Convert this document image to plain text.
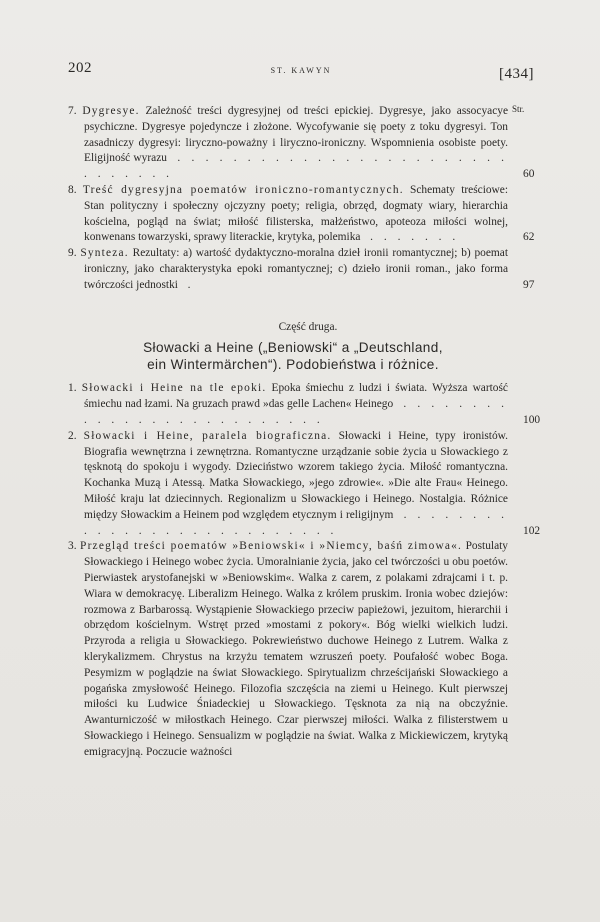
202	ST. KAWYN	[434]
Str.

7. Dygresye. Zależność treści dygresyjnej od treści epickiej. Dygresye, jako assocyacye psychiczne. Dygresye pojedyncze i złożone. Wycofywanie się poety z toku dygresyi. Ton zasadniczy dygresyi: liryczno-poważny i liryczno-ironiczny. Wspomnienia osobiste poety. Eligijność wyrazu  . . . . . . . . . . . . . . . . . . . . . . . . . . . . . . .	60

8. Treść dygresyjna poematów ironiczno-romantycznych. Schematy treściowe: Stan polityczny i społeczny ojczyzny poety; religia, obrzęd, dogmaty wiary, hierarchia kościelna, pogląd na świat; miłość filisterska, małżeństwo, apoteoza miłości wolnej, konwenans towarzyski, sprawy literackie, krytyka, polemika  . . . . . . .	62

9. Synteza. Rezultaty: a) wartość dydaktyczno-moralna dzieł ironii romantycznej; b) poemat ironiczny, jako charakterystyka epoki romantycznej; c) dzieło ironii roman., jako forma twórczości jednostki  .	97

Część druga.
Słowacki a Heine („Beniowski“ a „Deutschland,
ein Wintermärchen“). Podobieństwa i różnice.

1. Słowacki i Heine na tle epoki. Epoka śmiechu z ludzi i świata. Wyższa wartość śmiechu nad łzami. Na gruzach prawd »das gelle Lachen« Heinego  . . . . . . . . . . . . . . . . . . . . . . . . . .	100

2. Słowacki i Heine, paralela biograficzna. Słowacki i Heine, typy ironistów. Biografia wewnętrzna i zewnętrzna. Romantyczne urządzanie sobie życia u Słowackiego z tęsknotą do spokoju i wygody. Dzieciństwo wzorem takiego życia. Miłość romantyczna. Kochanka Muzą i Atessą. Matka Słowackiego, »jego zdrowie«. »Die alte Frau« Heinego. Miłość kraju lat dziecinnych. Regionalizm u Słowackiego i Heinego. Nostalgia. Różnice między Słowackim a Heinem pod względem etycznym i religijnym  . . . . . . . . . . . . . . . . . . . . . . . . . . .	102

3. Przegląd treści poematów »Beniowski« i »Niemcy, baśń zimowa«. Postulaty Słowackiego i Heinego wobec życia. Umoralnianie życia, jako cel twórczości u obu poetów. Pierwiastek arystofanejski w »Beniowskim«. Walka z carem, z polakami zdrajcami i t. p. Wiara w demokracyę. Liberalizm Heinego. Walka z królem pruskim. Ironia wobec dziejów: rozmowa z Barbarossą. Wystąpienie Słowackiego przeciw papieżowi, jezuitom, hierarchii i obrzędom kościelnym. Wstręt przed »mostami z pokory«. Bóg wielki wielkich ludzi. Przyroda a religia u Słowackiego. Pokrewieństwo duchowe Heinego z Lutrem. Walka z klerykalizmem. Chrystus na krzyżu tematem wzruszeń poety. Poufałość wobec Boga. Pesymizm w poglądzie na świat Słowackiego. Spirytualizm chrześcijański Słowackiego a pogańska zmysłowość Heinego. Filozofia szczęścia na ziemi u Heinego. Kult pierwszej miłości ku Ludwice Śniadeckiej u Słowackiego. Tęsknota za nią na obczyźnie. Awanturniczość w miłostkach Heinego. Czar pierwszej miłości. Walka z filisterstwem u Słowackiego i Heinego. Sensualizm w poglądzie na świat. Walka z Mickiewiczem, krytyką emigracyjną. Poczucie ważności
